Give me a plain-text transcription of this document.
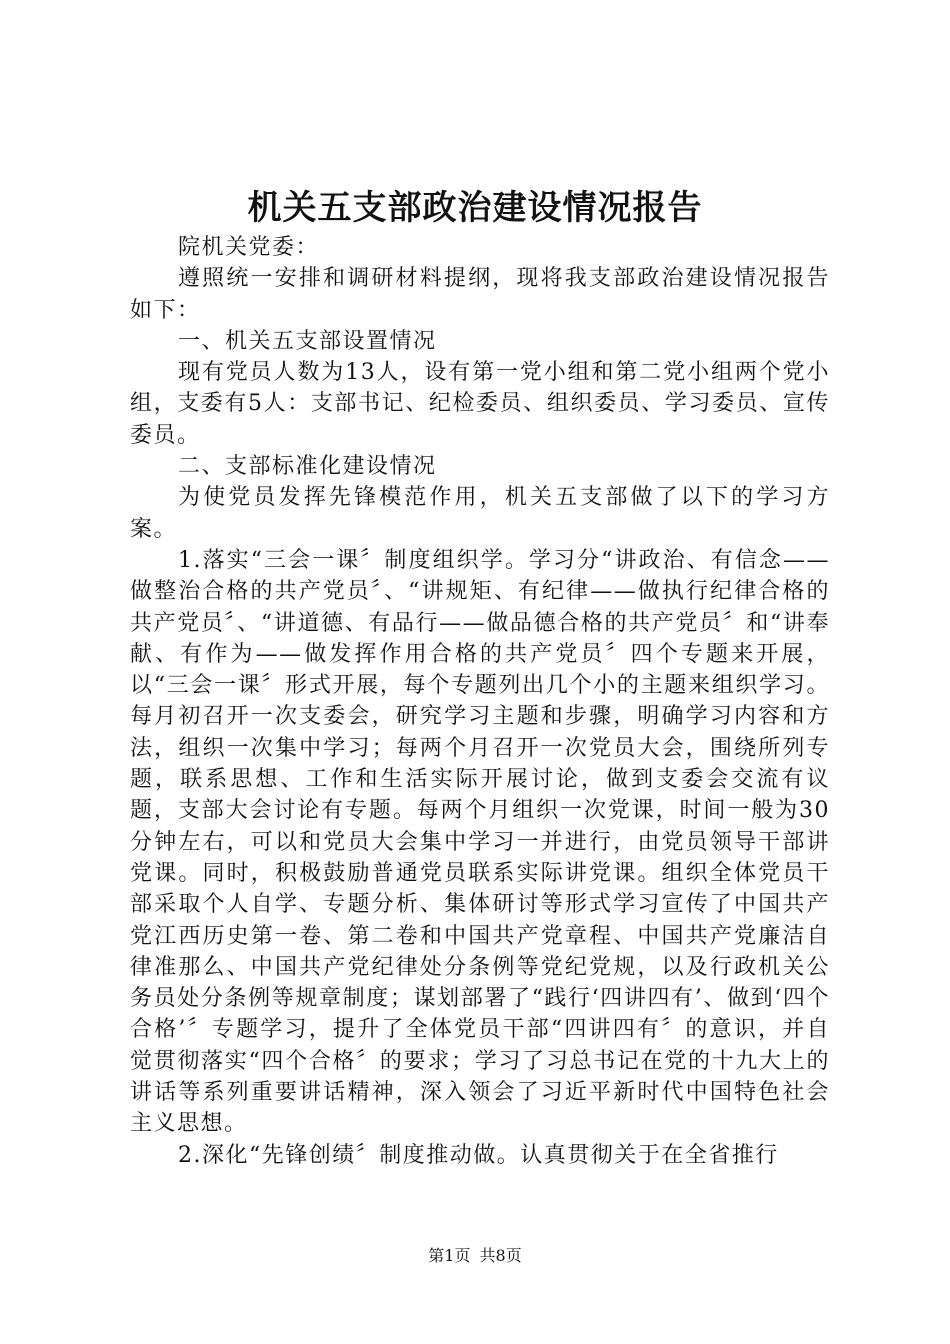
机关五支部政治建设情况报告

院机关党委：

遵照统一安排和调研材料提纲，现将我支部政治建设情况报告如下：

一、机关五支部设置情况

现有党员人数为13人，设有第一党小组和第二党小组两个党小组，支委有5人：支部书记、纪检委员、组织委员、学习委员、宣传委员。

二、支部标准化建设情况

为使党员发挥先锋模范作用，机关五支部做了以下的学习方案。

1.落实“三会一课〞制度组织学。学习分“讲政治、有信念——做整治合格的共产党员〞、“讲规矩、有纪律——做执行纪律合格的共产党员〞、“讲道德、有品行——做品德合格的共产党员〞和“讲奉献、有作为——做发挥作用合格的共产党员〞四个专题来开展，以“三会一课〞形式开展，每个专题列出几个小的主题来组织学习。每月初召开一次支委会，研究学习主题和步骤，明确学习内容和方法，组织一次集中学习；每两个月召开一次党员大会，围绕所列专题，联系思想、工作和生活实际开展讨论，做到支委会交流有议题，支部大会讨论有专题。每两个月组织一次党课，时间一般为30分钟左右，可以和党员大会集中学习一并进行，由党员领导干部讲党课。同时，积极鼓励普通党员联系实际讲党课。组织全体党员干部采取个人自学、专题分析、集体研讨等形式学习宣传了中国共产党江西历史第一卷、第二卷和中国共产党章程、中国共产党廉洁自律准那么、中国共产党纪律处分条例等党纪党规，以及行政机关公务员处分条例等规章制度；谋划部署了“践行‘四讲四有’、做到‘四个合格’〞专题学习，提升了全体党员干部“四讲四有〞的意识，并自觉贯彻落实“四个合格〞的要求；学习了习总书记在党的十九大上的讲话等系列重要讲话精神，深入领会了习近平新时代中国特色社会主义思想。

2.深化“先锋创绩〞制度推动做。认真贯彻关于在全省推行

第1页 共8页
